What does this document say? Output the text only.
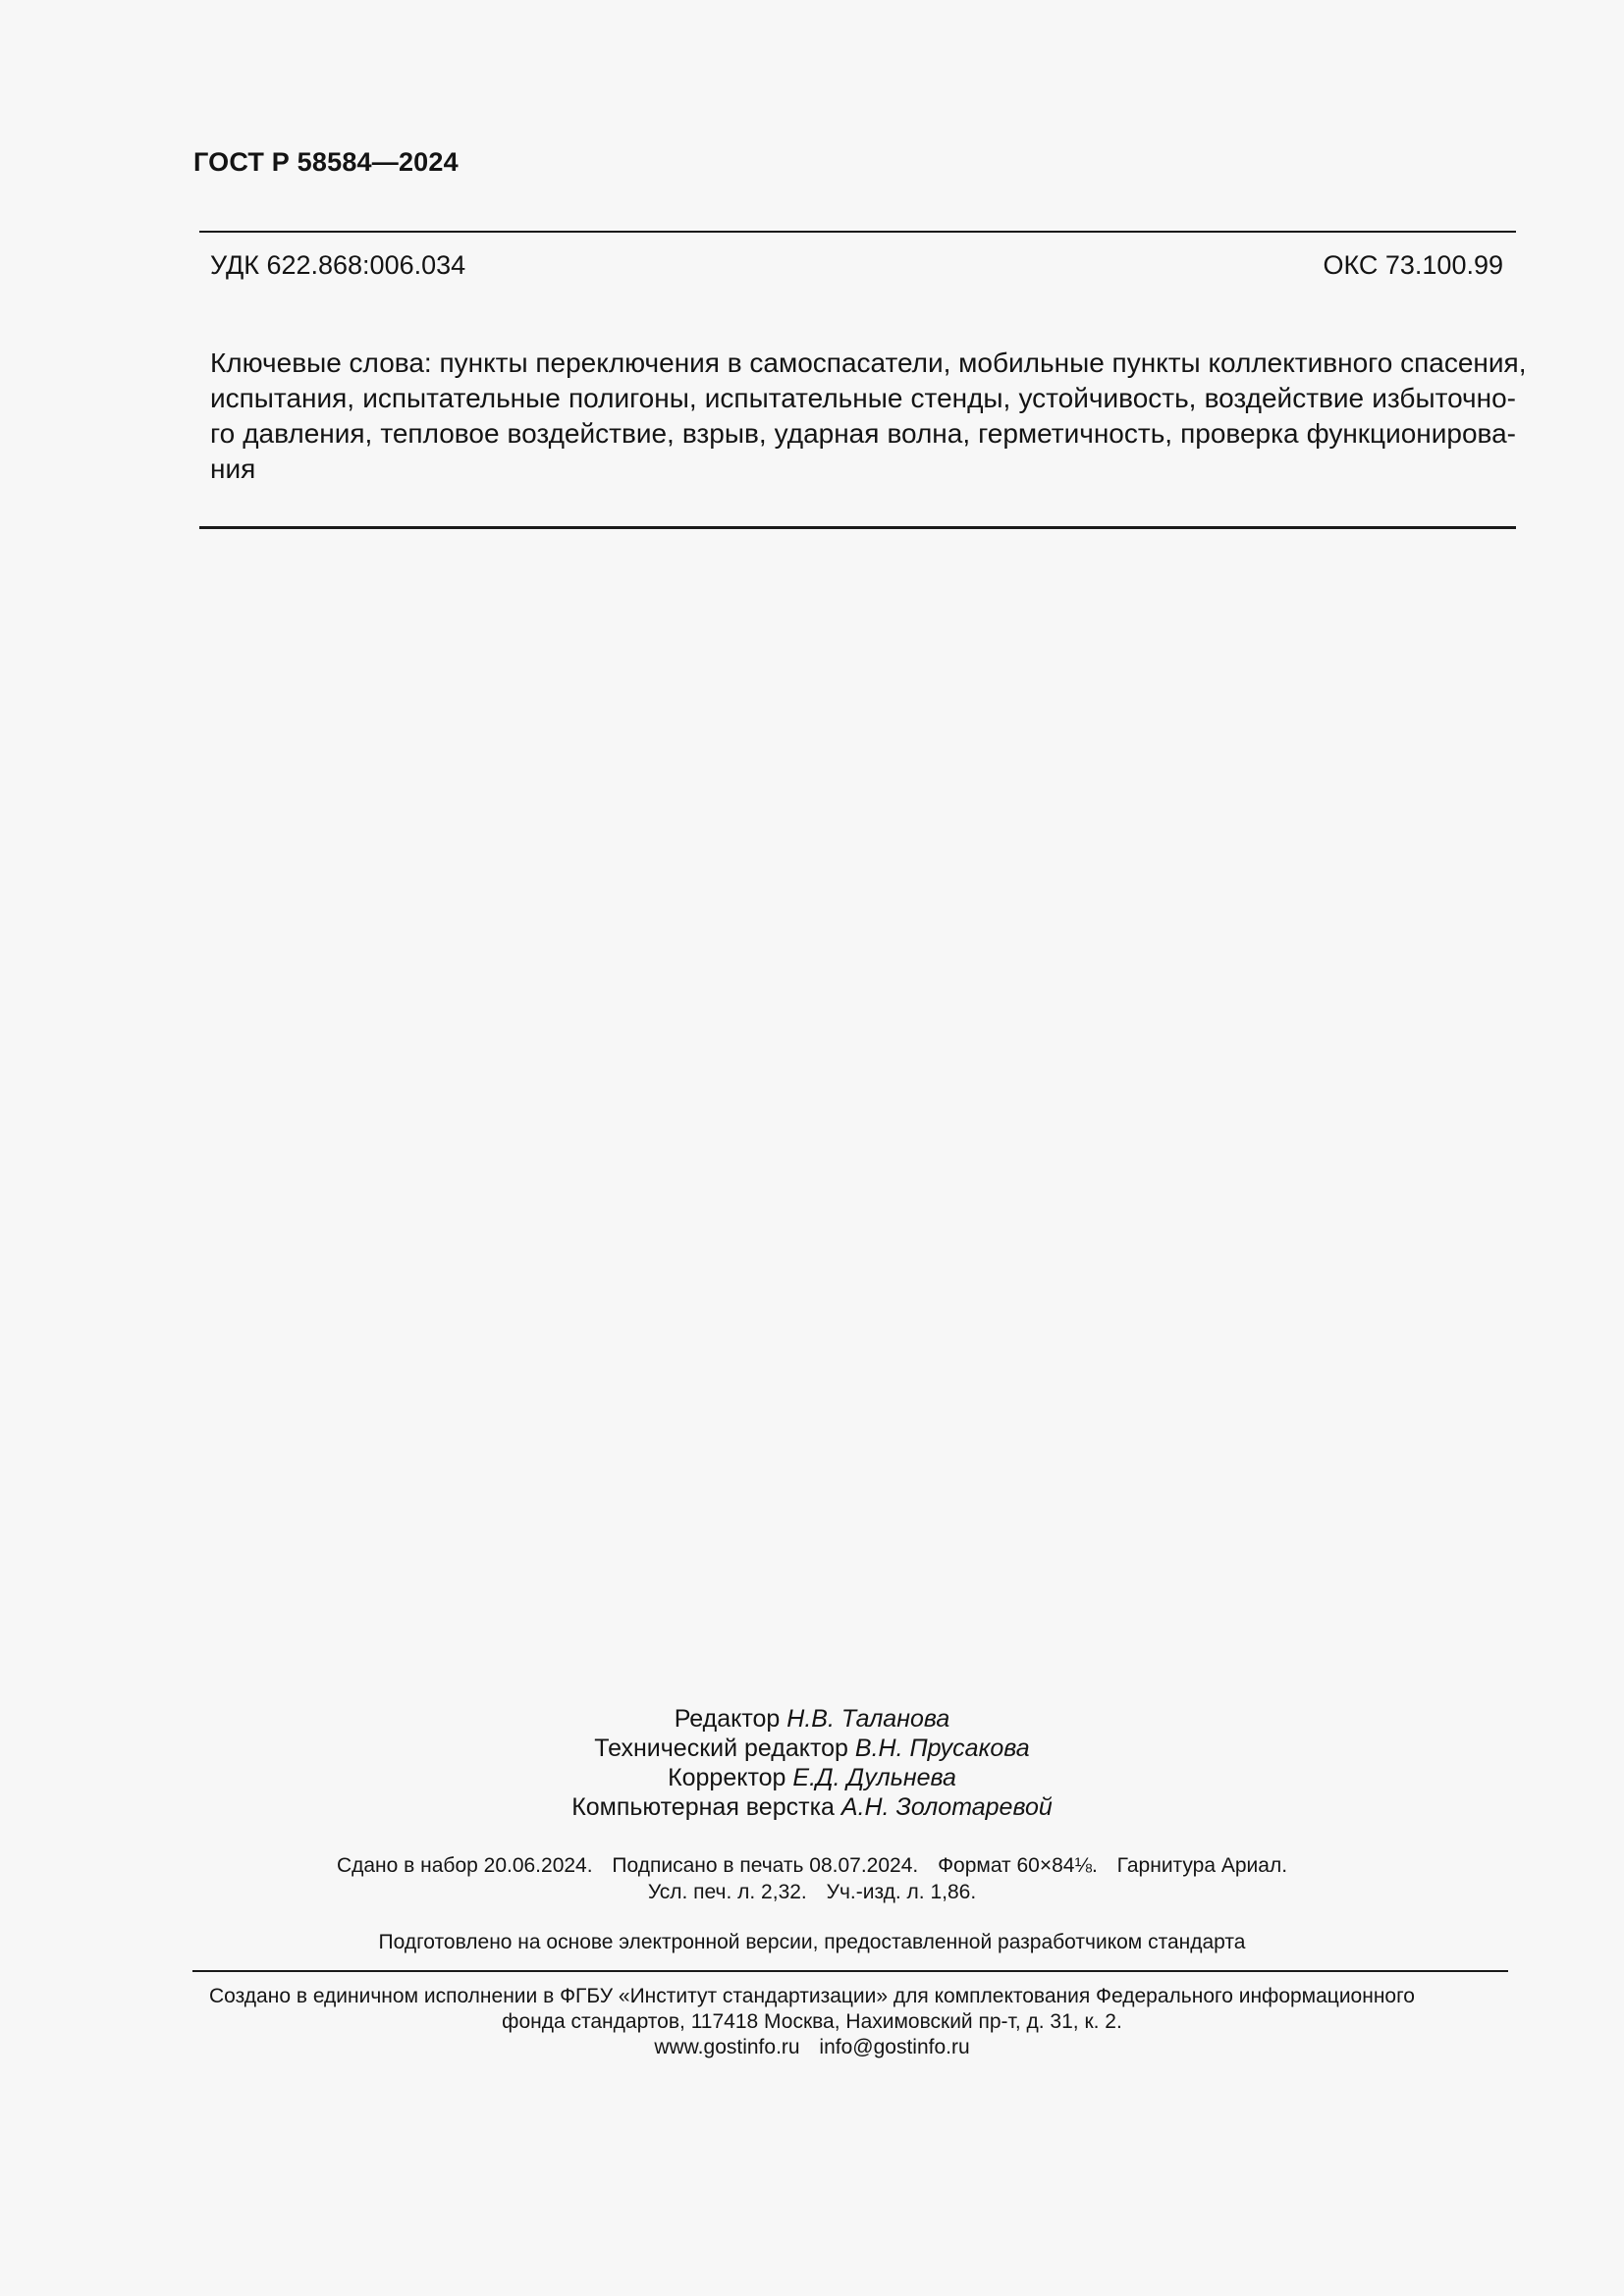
ГОСТ Р 58584—2024
УДК 622.868:006.034	ОКС 73.100.99
Ключевые слова: пункты переключения в самоспасатели, мобильные пункты коллективного спасения,
испытания, испытательные полигоны, испытательные стенды, устойчивость, воздействие избыточно-
го давления, тепловое воздействие, взрыв, ударная волна, герметичность, проверка функционирова-
ния
Редактор Н.В. Таланова
Технический редактор В.Н. Прусакова
Корректор Е.Д. Дульнева
Компьютерная верстка А.Н. Золотаревой
Сдано в набор 20.06.2024. Подписано в печать 08.07.2024. Формат 60×84⅛. Гарнитура Ариал.
Усл. печ. л. 2,32. Уч.-изд. л. 1,86.
Подготовлено на основе электронной версии, предоставленной разработчиком стандарта
Создано в единичном исполнении в ФГБУ «Институт стандартизации» для комплектования Федерального информационного
фонда стандартов, 117418 Москва, Нахимовский пр-т, д. 31, к. 2.
www.gostinfo.ru info@gostinfo.ru
